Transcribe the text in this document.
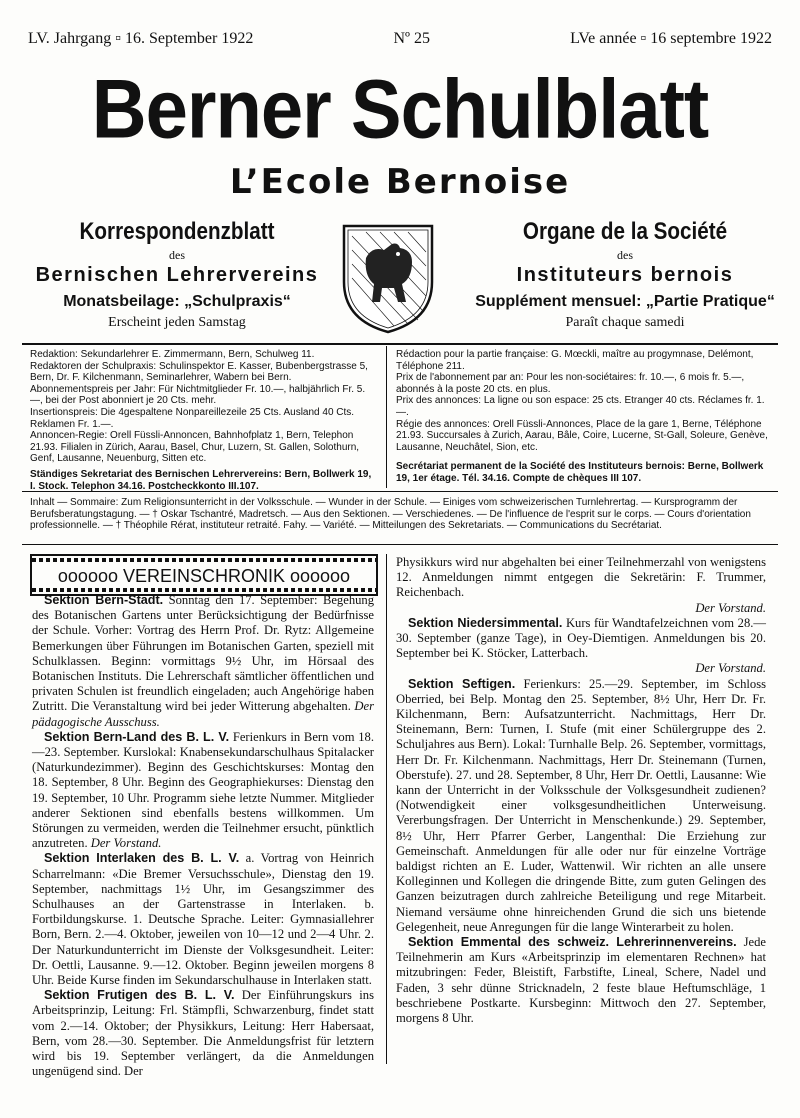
LV. Jahrgang ▫ 16. September 1922	Nº 25	LVe année ▫ 16 septembre 1922
Berner Schulblatt
L’Ecole Bernoise
Korrespondenzblatt
des
Bernischen Lehrervereins
Monatsbeilage: „Schulpraxis“
Erscheint jeden Samstag
Organe de la Société
des
Instituteurs bernois
Supplément mensuel: „Partie Pratique“
Paraît chaque samedi

Redaktion: Sekundarlehrer E. Zimmermann, Bern, Schulweg 11.

Redaktoren der Schulpraxis: Schulinspektor E. Kasser, Bubenbergstrasse 5, Bern, Dr. F. Kilchenmann, Seminarlehrer, Wabern bei Bern.

Abonnementspreis per Jahr: Für Nichtmitglieder Fr. 10.—, halbjährlich Fr. 5.—, bei der Post abonniert je 20 Cts. mehr.

Insertionspreis: Die 4gespaltene Nonpareillezeile 25 Cts. Ausland 40 Cts. Reklamen Fr. 1.—.

Annoncen-Regie: Orell Füssli-Annoncen, Bahnhofplatz 1, Bern, Telephon 21.93. Filialen in Zürich, Aarau, Basel, Chur, Luzern, St. Gallen, Solothurn, Genf, Lausanne, Neuenburg, Sitten etc.

Ständiges Sekretariat des Bernischen Lehrervereins: Bern, Bollwerk 19, I. Stock. Telephon 34.16. Postcheckkonto III.107.

Rédaction pour la partie française: G. Mœckli, maître au progymnase, Delémont, Téléphone 211.

Prix de l'abonnement par an: Pour les non-sociétaires: fr. 10.—, 6 mois fr. 5.—, abonnés à la poste 20 cts. en plus.

Prix des annonces: La ligne ou son espace: 25 cts. Etranger 40 cts. Réclames fr. 1.—.

Régie des annonces: Orell Füssli-Annonces, Place de la gare 1, Berne, Téléphone 21.93. Succursales à Zurich, Aarau, Bâle, Coire, Lucerne, St-Gall, Soleure, Genève, Lausanne, Neuchâtel, Sion, etc.

Secrétariat permanent de la Société des Instituteurs bernois: Berne, Bollwerk 19, 1er étage. Tél. 34.16. Compte de chèques III 107.

Inhalt — Sommaire: Zum Religionsunterricht in der Volksschule. — Wunder in der Schule. — Einiges vom schweizerischen Turnlehrertag. — Kursprogramm der Berufsberatungstagung. — † Oskar Tschantré, Madretsch. — Aus den Sektionen. — Verschiedenes. — De l'influence de l'esprit sur le corps. — Cours d'orientation professionnelle. — † Théophile Rérat, instituteur retraité. Fahy. — Variété. — Mitteilungen des Sekretariats. — Communications du Secrétariat.
oooooo VEREINSCHRONIK oooooo

Sektion Bern-Stadt. Sonntag den 17. September: Begehung des Botanischen Gartens unter Berücksichtigung der Bedürfnisse der Schule. Vorher: Vortrag des Herrn Prof. Dr. Rytz: Allgemeine Bemerkungen über Führungen im Botanischen Garten, speziell mit Schulklassen. Beginn: vormittags 9½ Uhr, im Hörsaal des Botanischen Instituts. Die Lehrerschaft sämtlicher öffentlichen und privaten Schulen ist freundlich eingeladen; auch Angehörige haben Zutritt. Die Veranstaltung wird bei jeder Witterung abgehalten. Der pädagogische Ausschuss.

Sektion Bern-Land des B. L. V. Ferienkurs in Bern vom 18.—23. September. Kurslokal: Knabensekundarschulhaus Spitalacker (Naturkundezimmer). Beginn des Geschichtskurses: Montag den 18. September, 8 Uhr. Beginn des Geographiekurses: Dienstag den 19. September, 10 Uhr. Programm siehe letzte Nummer. Mitglieder anderer Sektionen sind ebenfalls bestens willkommen. Um Störungen zu vermeiden, werden die Teilnehmer ersucht, pünktlich anzutreten. Der Vorstand.

Sektion Interlaken des B. L. V. a. Vortrag von Heinrich Scharrelmann: «Die Bremer Versuchsschule», Dienstag den 19. September, nachmittags 1½ Uhr, im Gesangszimmer des Schulhauses an der Gartenstrasse in Interlaken. b. Fortbildungskurse. 1. Deutsche Sprache. Leiter: Gymnasiallehrer Born, Bern. 2.—4. Oktober, jeweilen von 10—12 und 2—4 Uhr. 2. Der Naturkundunterricht im Dienste der Volksgesundheit. Leiter: Dr. Oettli, Lausanne. 9.—12. Oktober. Beginn jeweilen morgens 8 Uhr. Beide Kurse finden im Sekundarschulhause in Interlaken statt.

Sektion Frutigen des B. L. V. Der Einführungskurs ins Arbeitsprinzip, Leitung: Frl. Stämpfli, Schwarzenburg, findet statt vom 2.—14. Oktober; der Physikkurs, Leitung: Herr Habersaat, Bern, vom 28.—30. September. Die Anmeldungsfrist für letztern wird bis 19. September verlängert, da die Anmeldungen ungenügend sind. Der

Physikkurs wird nur abgehalten bei einer Teilnehmerzahl von wenigstens 12. Anmeldungen nimmt entgegen die Sekretärin: F. Trummer, Reichenbach.

Der Vorstand.

Sektion Niedersimmental. Kurs für Wandtafelzeichnen vom 28.—30. September (ganze Tage), in Oey-Diemtigen. Anmeldungen bis 20. September bei K. Stöcker, Latterbach.

Der Vorstand.

Sektion Seftigen. Ferienkurs: 25.—29. September, im Schloss Oberried, bei Belp. Montag den 25. September, 8½ Uhr, Herr Dr. Fr. Kilchenmann, Bern: Aufsatzunterricht. Nachmittags, Herr Dr. Steinemann, Bern: Turnen, I. Stufe (mit einer Schülergruppe des 2. Schuljahres aus Bern). Lokal: Turnhalle Belp. 26. September, vormittags, Herr Dr. Fr. Kilchenmann. Nachmittags, Herr Dr. Steinemann (Turnen, Oberstufe). 27. und 28. September, 8 Uhr, Herr Dr. Oettli, Lausanne: Wie kann der Unterricht in der Volksschule der Volksgesundheit zudienen? (Notwendigkeit einer volksgesundheitlichen Unterweisung. Vererbungsfragen. Der Unterricht in Menschenkunde.) 29. September, 8½ Uhr, Herr Pfarrer Gerber, Langenthal: Die Erziehung zur Gemeinschaft. Anmeldungen für alle oder nur für einzelne Vorträge baldigst richten an E. Luder, Wattenwil. Wir richten an alle unsere Kolleginnen und Kollegen die dringende Bitte, zum guten Gelingen des Ganzen beizutragen durch zahlreiche Beteiligung und rege Mitarbeit. Niemand versäume ohne hinreichenden Grund die sich uns bietende Gelegenheit, neue Anregungen für die lange Winterarbeit zu holen.

Sektion Emmental des schweiz. Lehrerinnenvereins. Jede Teilnehmerin am Kurs «Arbeitsprinzip im elementaren Rechnen» hat mitzubringen: Feder, Bleistift, Farbstifte, Lineal, Schere, Nadel und Faden, 3 sehr dünne Stricknadeln, 2 feste blaue Heftumschläge, 1 beschriebene Postkarte. Kursbeginn: Mittwoch den 27. September, morgens 8 Uhr.
